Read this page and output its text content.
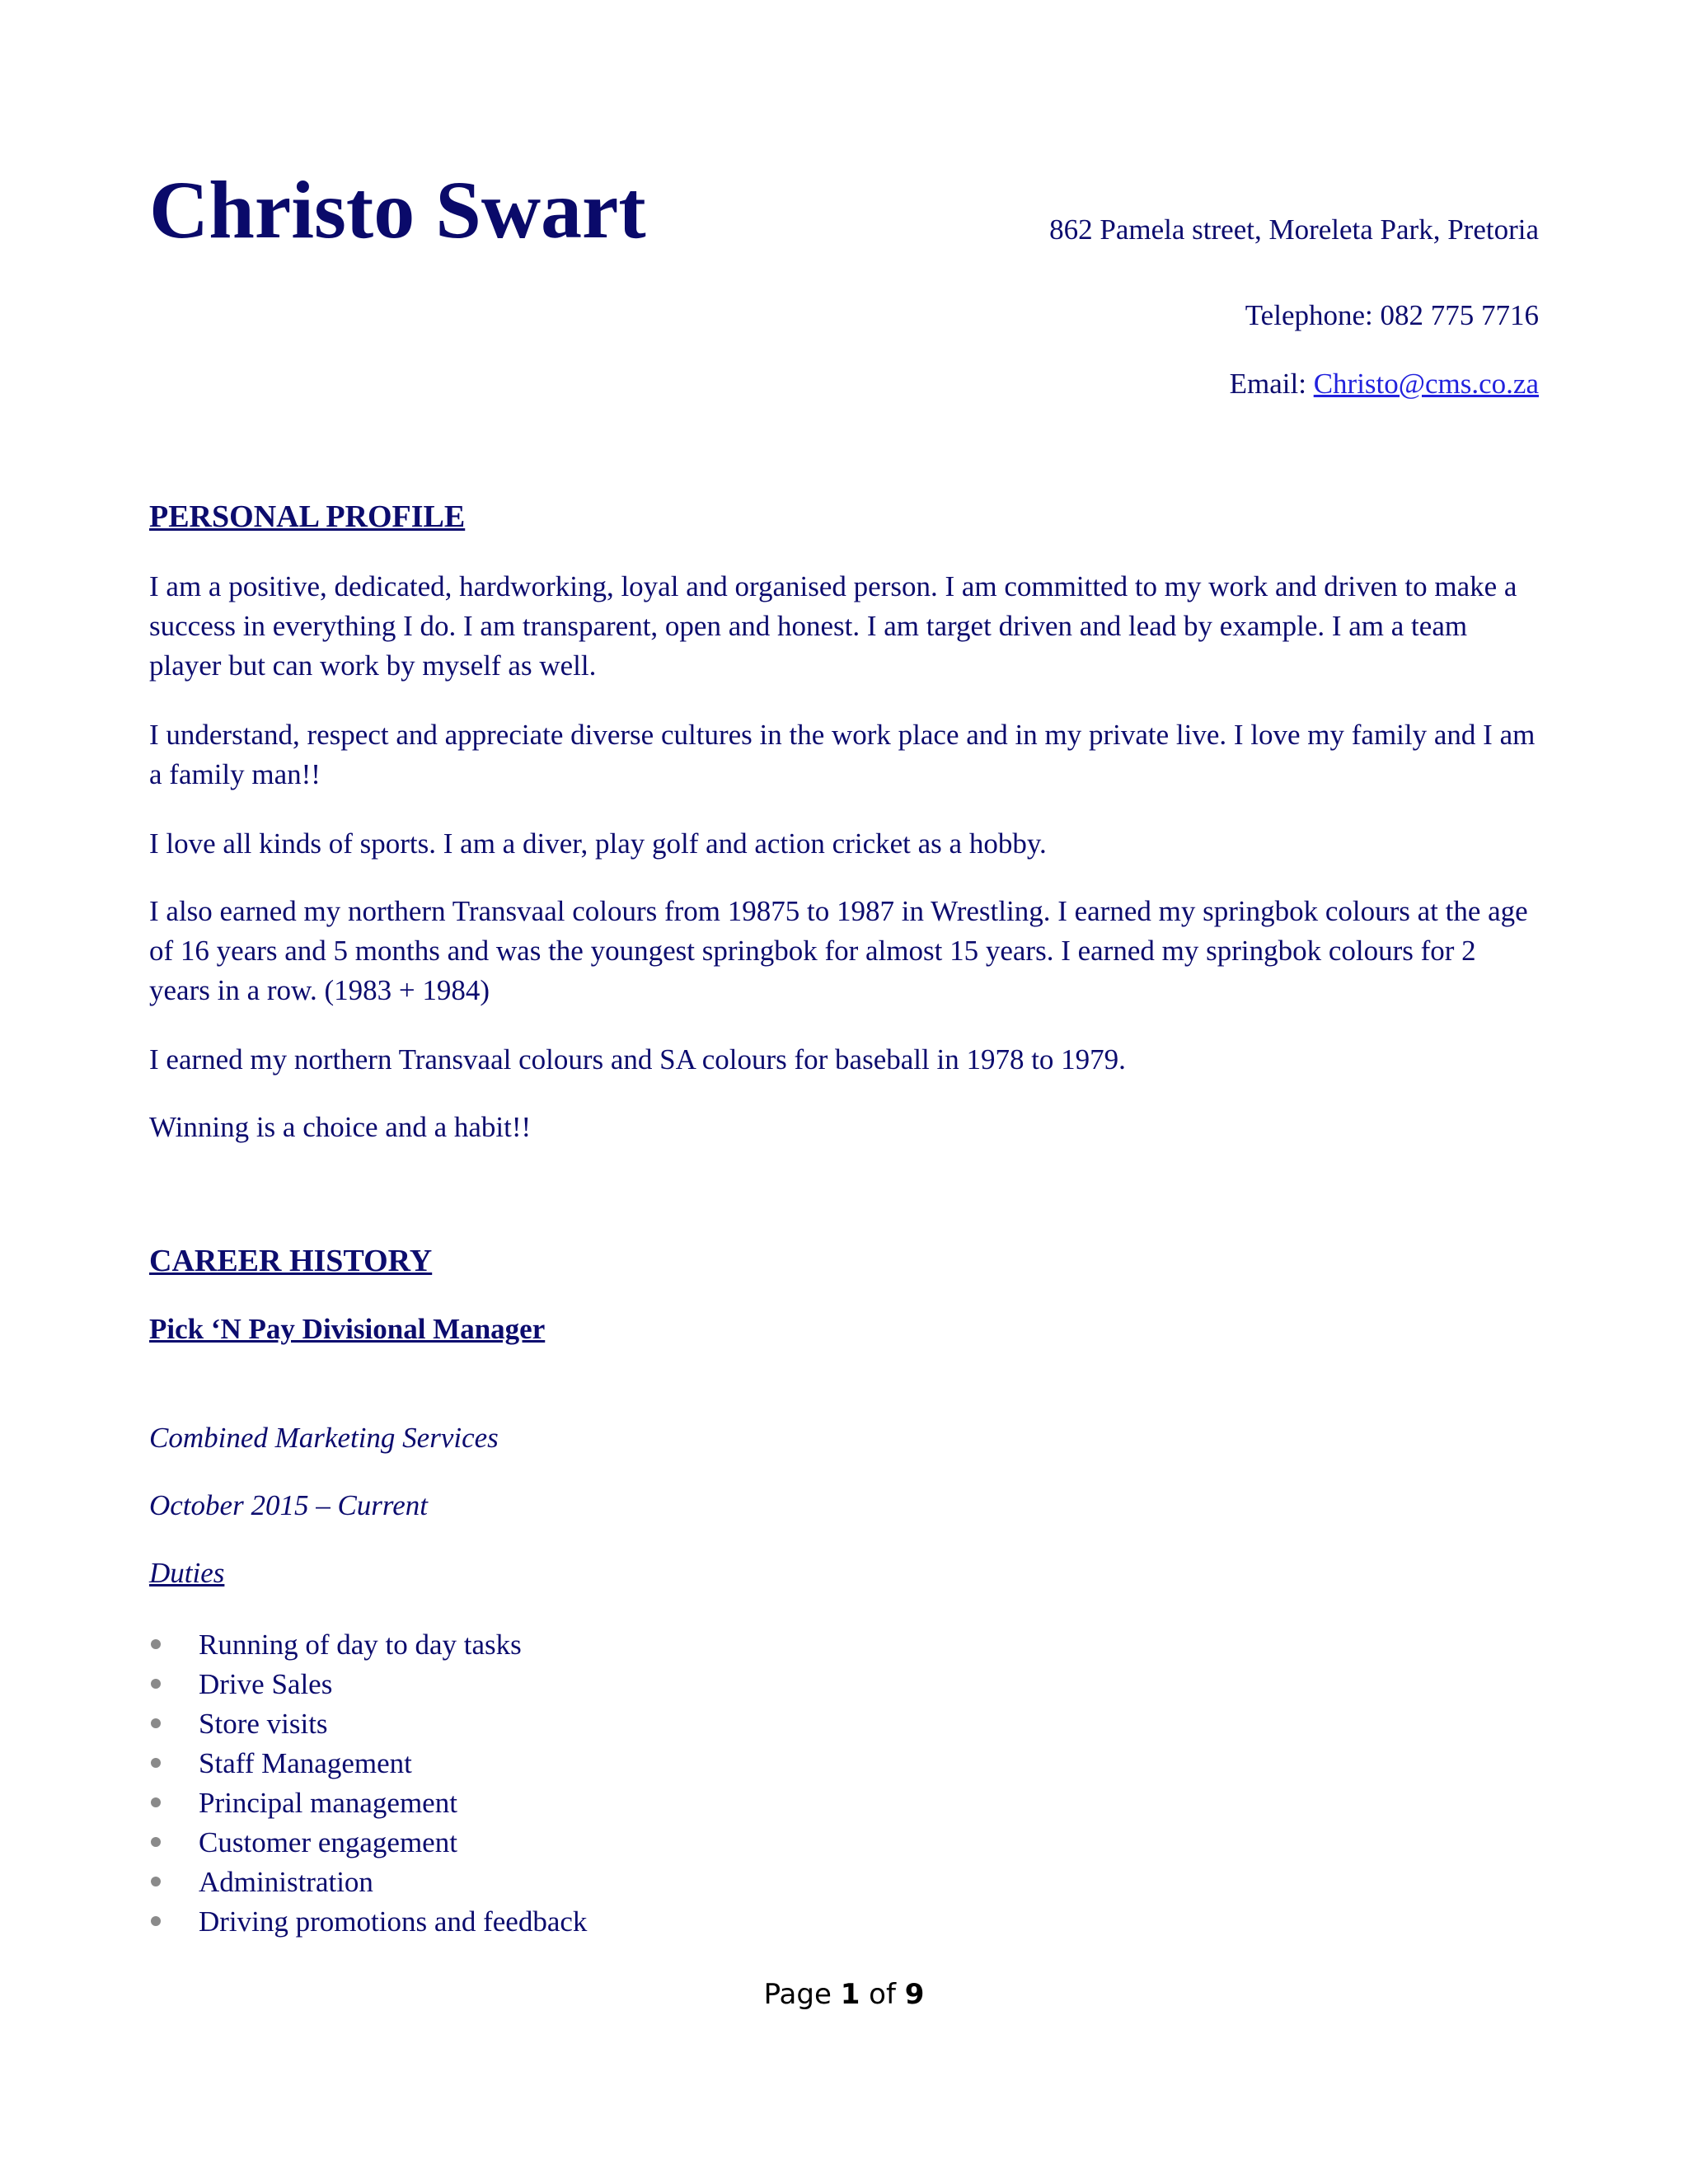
Christo Swart	862 Pamela street, Moreleta Park, Pretoria

Telephone: 082 775 7716

Email: Christo@cms.co.za

PERSONAL PROFILE

I am a positive, dedicated, hardworking, loyal and organised person. I am committed to my work and driven to make a success in everything I do. I am transparent, open and honest. I am target driven and lead by example. I am a team player but can work by myself as well.

I understand, respect and appreciate diverse cultures in the work place and in my private live. I love my family and I am a family man!!

I love all kinds of sports. I am a diver, play golf and action cricket as a hobby.

I also earned my northern Transvaal colours from 19875 to 1987 in Wrestling. I earned my springbok colours at the age of 16 years and 5 months and was the youngest springbok for almost 15 years. I earned my springbok colours for 2 years in a row. (1983 + 1984)

I earned my northern Transvaal colours and SA colours for baseball in 1978 to 1979.

Winning is a choice and a habit!!

CAREER HISTORY

Pick ‘N Pay Divisional Manager

Combined Marketing Services

October 2015 – Current

Duties

Running of day to day tasks
Drive Sales
Store visits
Staff Management
Principal management
Customer engagement
Administration
Driving promotions and feedback
Page 1 of 9
